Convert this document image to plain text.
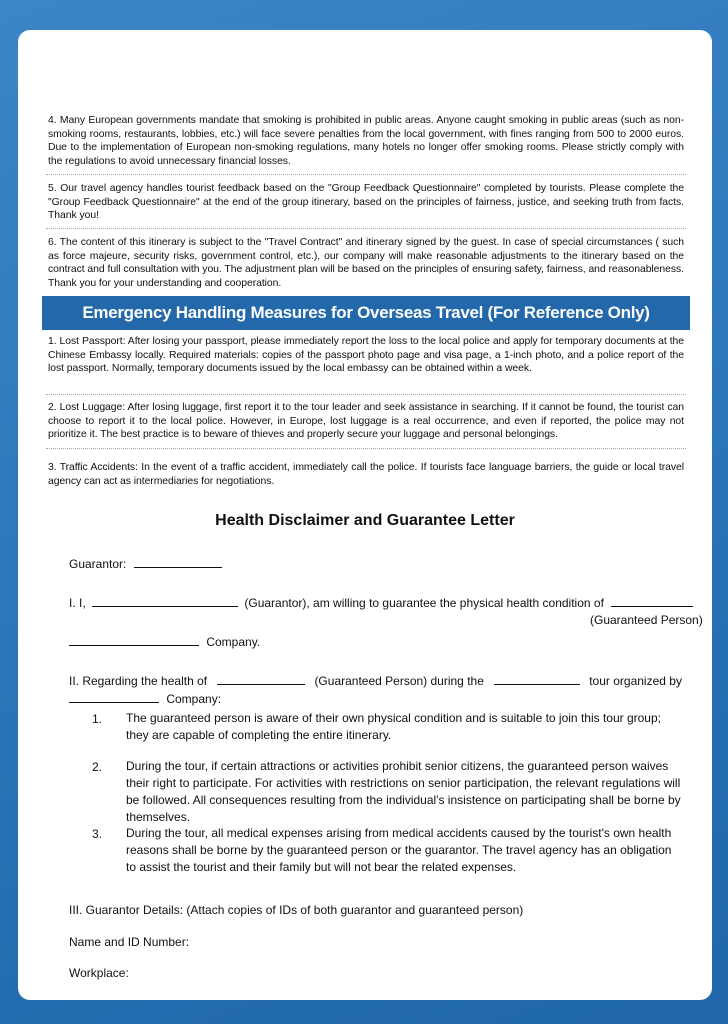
4. Many European governments mandate that smoking is prohibited in public areas. Anyone caught smoking in public areas (such as non-smoking rooms, restaurants, lobbies, etc.) will face severe penalties from the local government, with fines ranging from 500 to 2000 euros. Due to the implementation of European non-smoking regulations, many hotels no longer offer smoking rooms. Please strictly comply with the regulations to avoid unnecessary financial losses.
5. Our travel agency handles tourist feedback based on the "Group Feedback Questionnaire" completed by tourists. Please complete the "Group Feedback Questionnaire" at the end of the group itinerary, based on the principles of fairness, justice, and seeking truth from facts. Thank you!
6. The content of this itinerary is subject to the "Travel Contract" and itinerary signed by the guest. In case of special circumstances ( such as force majeure, security risks, government control, etc.), our company will make reasonable adjustments to the itinerary based on the contract and full consultation with you. The adjustment plan will be based on the principles of ensuring safety, fairness, and reasonableness. Thank you for your understanding and cooperation.
Emergency Handling Measures for Overseas Travel (For Reference Only)
1. Lost Passport: After losing your passport, please immediately report the loss to the local police and apply for temporary documents at the Chinese Embassy locally. Required materials: copies of the passport photo page and visa page, a 1-inch photo, and a police report of the lost passport. Normally, temporary documents issued by the local embassy can be obtained within a week.
2. Lost Luggage: After losing luggage, first report it to the tour leader and seek assistance in searching. If it cannot be found, the tourist can choose to report it to the local police. However, in Europe, lost luggage is a real occurrence, and even if reported, the police may not prioritize it. The best practice is to beware of thieves and properly secure your luggage and personal belongings.
3. Traffic Accidents: In the event of a traffic accident, immediately call the police. If tourists face language barriers, the guide or local travel agency can act as intermediaries for negotiations.
Health Disclaimer and Guarantee Letter
Guarantor:
I. I,	(Guarantor), am willing to guarantee the physical health condition of
(Guaranteed Person)
Company.
II. Regarding the health of	(Guaranteed Person) during the	tour organized by
Company:
1. The guaranteed person is aware of their own physical condition and is suitable to join this tour group; they are capable of completing the entire itinerary.
2. During the tour, if certain attractions or activities prohibit senior citizens, the guaranteed person waives their right to participate. For activities with restrictions on senior participation, the relevant regulations will be followed. All consequences resulting from the individual's insistence on participating shall be borne by themselves.
3. During the tour, all medical expenses arising from medical accidents caused by the tourist's own health reasons shall be borne by the guaranteed person or the guarantor. The travel agency has an obligation to assist the tourist and their family but will not bear the related expenses.
III. Guarantor Details: (Attach copies of IDs of both guarantor and guaranteed person)
Name and ID Number:
Workplace:
